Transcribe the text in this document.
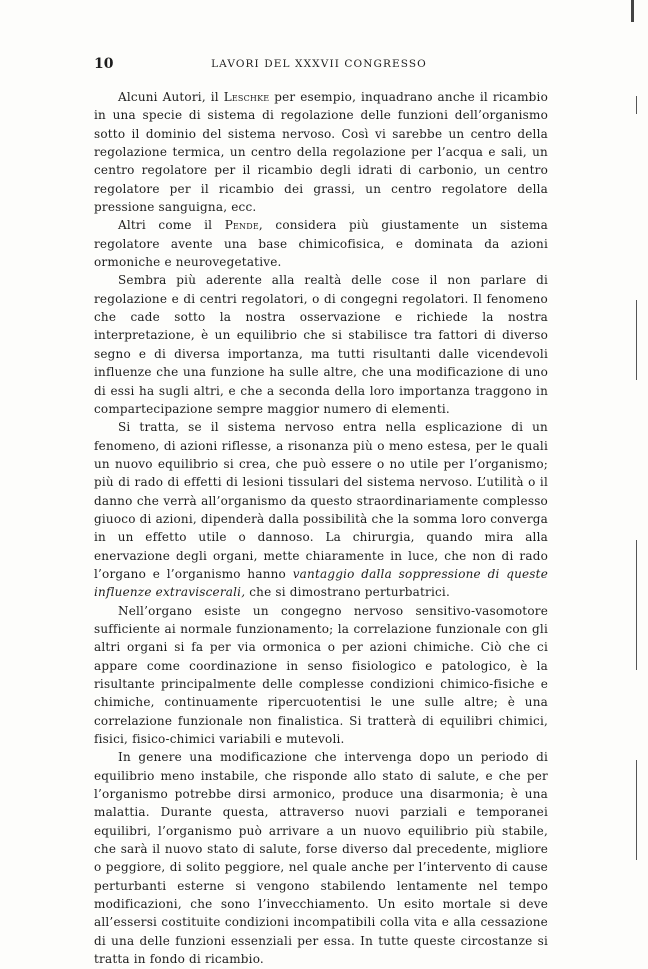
10	LAVORI DEL XXXVII CONGRESSO

Alcuni Autori, il Leschke per esempio, inquadrano anche il ricambio in una specie di sistema di regolazione delle funzioni dell’organismo sotto il dominio del sistema nervoso. Così vi sarebbe un centro della regolazione termica, un centro della regolazione per l’acqua e sali, un centro regolatore per il ricambio degli idrati di carbonio, un centro regolatore per il ricambio dei grassi, un centro regolatore della pressione sanguigna, ecc.

Altri come il Pende, considera più giustamente un sistema regolatore avente una base chimicofisica, e dominata da azioni ormoniche e neurovegetative.

Sembra più aderente alla realtà delle cose il non parlare di regolazione e di centri regolatori, o di congegni regolatori. Il fenomeno che cade sotto la nostra osservazione e richiede la nostra interpretazione, è un equilibrio che si stabilisce tra fattori di diverso segno e di diversa importanza, ma tutti risultanti dalle vicendevoli influenze che una funzione ha sulle altre, che una modificazione di uno di essi ha sugli altri, e che a seconda della loro importanza traggono in compartecipazione sempre maggior numero di elementi.

Si tratta, se il sistema nervoso entra nella esplicazione di un fenomeno, di azioni riflesse, a risonanza più o meno estesa, per le quali un nuovo equilibrio si crea, che può essere o no utile per l’organismo; più di rado di effetti di lesioni tissulari del sistema nervoso. L’utilità o il danno che verrà all’organismo da questo straordinariamente complesso giuoco di azioni, dipenderà dalla possibilità che la somma loro converga in un effetto utile o dannoso. La chirurgia, quando mira alla enervazione degli organi, mette chiaramente in luce, che non di rado l’organo e l’organismo hanno vantaggio dalla soppressione di queste influenze extraviscerali, che si dimostrano perturbatrici.

Nell’organo esiste un congegno nervoso sensitivo-vasomotore sufficiente ai normale funzionamento; la correlazione funzionale con gli altri organi si fa per via ormonica o per azioni chimiche. Ciò che ci appare come coordinazione in senso fisiologico e patologico, è la risultante principalmente delle complesse condizioni chimico-fisiche e chimiche, continuamente ripercuotentisi le une sulle altre; è una correlazione funzionale non finalistica. Si tratterà di equilibri chimici, fisici, fisico-chimici variabili e mutevoli.

In genere una modificazione che intervenga dopo un periodo di equilibrio meno instabile, che risponde allo stato di salute, e che per l’organismo potrebbe dirsi armonico, produce una disarmonia; è una malattia. Durante questa, attraverso nuovi parziali e temporanei equilibri, l’organismo può arrivare a un nuovo equilibrio più stabile, che sarà il nuovo stato di salute, forse diverso dal precedente, migliore o peggiore, di solito peggiore, nel quale anche per l’intervento di cause perturbanti esterne si vengono stabilendo lentamente nel tempo modificazioni, che sono l’invecchiamento. Un esito mortale si deve all’essersi costituite condizioni incompatibili colla vita e alla cessazione di una delle funzioni essenziali per essa. In tutte queste circostanze si tratta in fondo di ricambio.
